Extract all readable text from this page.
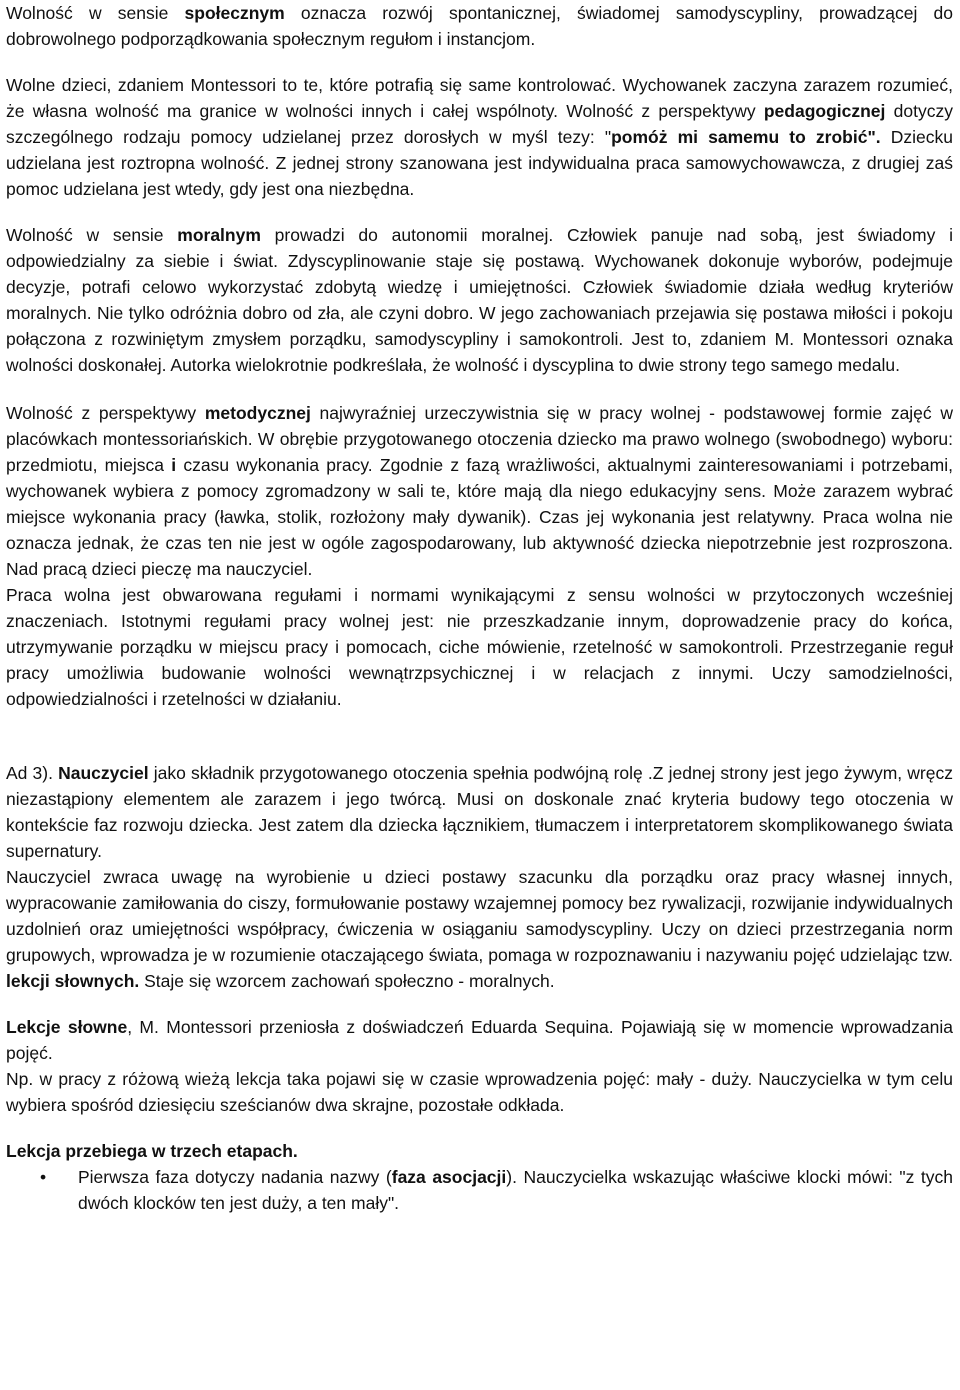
Wolność w sensie społecznym oznacza rozwój spontanicznej, świadomej samodyscypliny, prowadzącej do dobrowolnego podporządkowania społecznym regułom i instancjom.

Wolne dzieci, zdaniem Montessori to te, które potrafią się same kontrolować. Wychowanek zaczyna zarazem rozumieć, że własna wolność ma granice w wolności innych i całej wspólnoty. Wolność z perspektywy pedagogicznej dotyczy szczególnego rodzaju pomocy udzielanej przez dorosłych w myśl tezy: "pomóż mi samemu to zrobić". Dziecku udzielana jest roztropna wolność. Z jednej strony szanowana jest indywidualna praca samowychowawcza, z drugiej zaś pomoc udzielana jest wtedy, gdy jest ona niezbędna.

Wolność w sensie moralnym prowadzi do autonomii moralnej. Człowiek panuje nad sobą, jest świadomy i odpowiedzialny za siebie i świat. Zdyscyplinowanie staje się postawą. Wychowanek dokonuje wyborów, podejmuje decyzje, potrafi celowo wykorzystać zdobytą wiedzę i umiejętności. Człowiek świadomie działa według kryteriów moralnych. Nie tylko odróżnia dobro od zła, ale czyni dobro. W jego zachowaniach przejawia się postawa miłości i pokoju połączona z rozwiniętym zmysłem porządku, samodyscypliny i samokontroli. Jest to, zdaniem M. Montessori oznaka wolności doskonałej. Autorka wielokrotnie podkreślała, że wolność i dyscyplina to dwie strony tego samego medalu.

Wolność z perspektywy metodycznej najwyraźniej urzeczywistnia się w pracy wolnej - podstawowej formie zajęć w placówkach montessoriańskich. W obrębie przygotowanego otoczenia dziecko ma prawo wolnego (swobodnego) wyboru: przedmiotu, miejsca i czasu wykonania pracy. Zgodnie z fazą wrażliwości, aktualnymi zainteresowaniami i potrzebami, wychowanek wybiera z pomocy zgromadzony w sali te, które mają dla niego edukacyjny sens. Może zarazem wybrać miejsce wykonania pracy (ławka, stolik, rozłożony mały dywanik). Czas jej wykonania jest relatywny. Praca wolna nie oznacza jednak, że czas ten nie jest w ogóle zagospodarowany, lub aktywność dziecka niepotrzebnie jest rozproszona. Nad pracą dzieci pieczę ma nauczyciel.

Praca wolna jest obwarowana regułami i normami wynikającymi z sensu wolności w przytoczonych wcześniej znaczeniach. Istotnymi regułami pracy wolnej jest: nie przeszkadzanie innym, doprowadzenie pracy do końca, utrzymywanie porządku w miejscu pracy i pomocach, ciche mówienie, rzetelność w samokontroli. Przestrzeganie reguł pracy umożliwia budowanie wolności wewnątrzpsychicznej i w relacjach z innymi. Uczy samodzielności, odpowiedzialności i rzetelności w działaniu.

Ad 3). Nauczyciel jako składnik przygotowanego otoczenia spełnia podwójną rolę .Z jednej strony jest jego żywym, wręcz niezastąpiony elementem ale zarazem i jego twórcą. Musi on doskonale znać kryteria budowy tego otoczenia w kontekście faz rozwoju dziecka. Jest zatem dla dziecka łącznikiem, tłumaczem i interpretatorem skomplikowanego świata supernatury.

Nauczyciel zwraca uwagę na wyrobienie u dzieci postawy szacunku dla porządku oraz pracy własnej innych, wypracowanie zamiłowania do ciszy, formułowanie postawy wzajemnej pomocy bez rywalizacji, rozwijanie indywidualnych uzdolnień oraz umiejętności współpracy, ćwiczenia w osiąganiu samodyscypliny. Uczy on dzieci przestrzegania norm grupowych, wprowadza je w rozumienie otaczającego świata, pomaga w rozpoznawaniu i nazywaniu pojęć udzielając tzw. lekcji słownych. Staje się wzorcem zachowań społeczno - moralnych.

Lekcje słowne, M. Montessori przeniosła z doświadczeń Eduarda Sequina. Pojawiają się w momencie wprowadzania pojęć.

Np. w pracy z różową wieżą lekcja taka pojawi się w czasie wprowadzenia pojęć: mały - duży. Nauczycielka w tym celu wybiera spośród dziesięciu sześcianów dwa skrajne, pozostałe odkłada.

Lekcja przebiega w trzech etapach.

• Pierwsza faza dotyczy nadania nazwy (faza asocjacji). Nauczycielka wskazując właściwe klocki mówi: "z tych dwóch klocków ten jest duży, a ten mały".
